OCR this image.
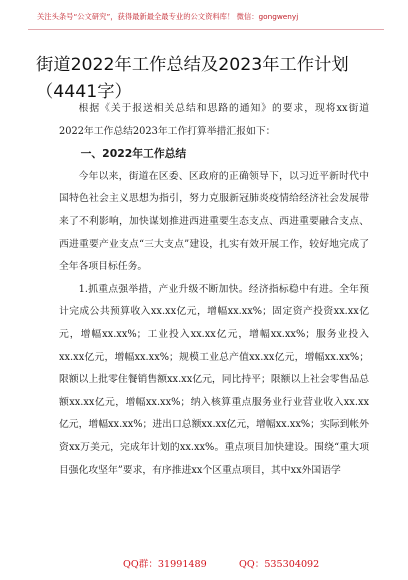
关注头条号“公文研究”，获得最新最全最专业的公文资料库！ 微信：gongwenyj
街道2022年工作总结及2023年工作计划
（4441字）

根据《关于报送相关总结和思路的通知》的要求，现将xx街道2022年工作总结2023年工作打算举措汇报如下：

一、2022年工作总结

今年以来，街道在区委、区政府的正确领导下，以习近平新时代中国特色社会主义思想为指引，努力克服新冠肺炎疫情给经济社会发展带来了不利影响，加快谋划推进西进重要生态支点、西进重要融合支点、西进重要产业支点“三大支点”建设，扎实有效开展工作，较好地完成了全年各项目标任务。

1.抓重点强举措，产业升级不断加快。经济指标稳中有进。全年预计完成公共预算收入xx.xx亿元，增幅xx.xx%；固定资产投资xx.xx亿元，增幅xx.xx%；工业投入xx.xx亿元，增幅xx.xx%；服务业投入xx.xx亿元，增幅xx.xx%；规模工业总产值xx.xx亿元，增幅xx.xx%；限额以上批零住餐销售额xx.xx亿元，同比持平；限额以上社会零售品总额xx.xx亿元，增幅xx.xx%；纳入核算重点服务业行业营业收入xx.xx亿元，增幅xx.xx%；进出口总额xx.xx亿元，增幅xx.xx%；实际到帐外资xx万美元，完成年计划的xx.xx%。重点项目加快建设。围绕“重大项目强化攻坚年”要求，有序推进xx个区重点项目，其中xx外国语学

QQ群：31991489	QQ：535304092
